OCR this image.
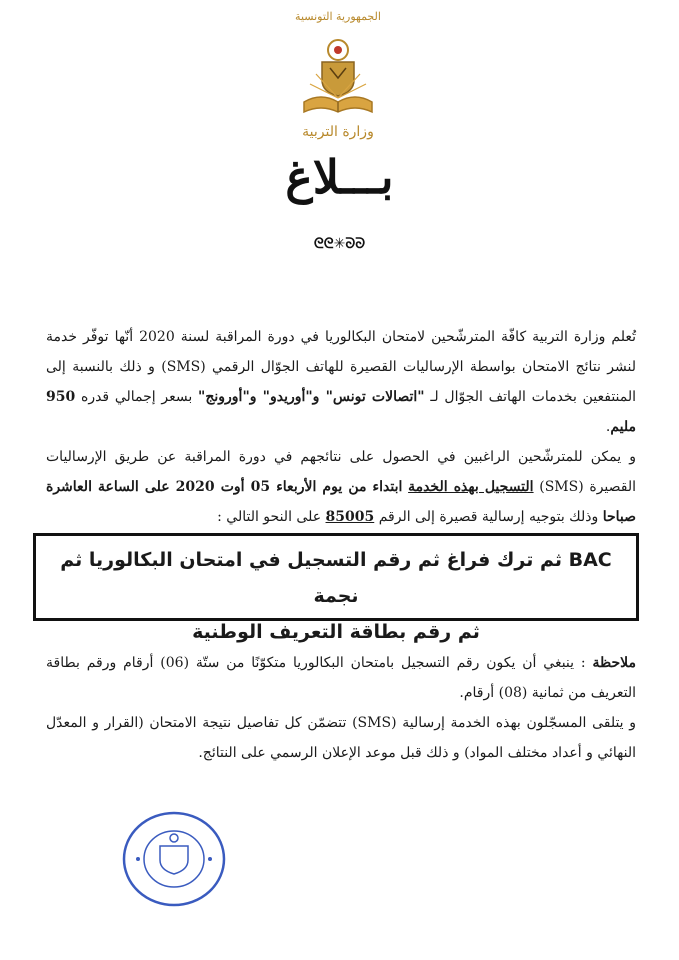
الجمهورية التونسية
وزارة التربية
بـــلاغ
ᘓᘓ✳ᘐᘐ

تُعلم وزارة التربية كافّة المترشّحين لامتحان البكالوريا في دورة المراقبة لسنة 2020 أنّها توفّر خدمة لنشر نتائج الامتحان بواسطة الإرساليات القصيرة للهاتف الجوّال الرقمي (SMS) و ذلك بالنسبة إلى المنتفعين بخدمات الهاتف الجوّال لـ "اتصالات تونس" و"أوريدو" و"أورونج" بسعر إجمالي قدره 950 مليم.

و يمكن للمترشّحين الراغبين في الحصول على نتائجهم في دورة المراقبة عن طريق الإرساليات القصيرة (SMS) التسجيل بهذه الخدمة ابتداء من يوم الأربعاء 05 أوت 2020 على الساعة العاشرة صباحا وذلك بتوجيه إرسالية قصيرة إلى الرقم 85005 على النحو التالي :

BAC ثم ترك فراغ ثم رقم التسجيل في امتحان البكالوريا ثم نجمة
ثم رقم بطاقة التعريف الوطنية
ملاحظة : ينبغي أن يكون رقم التسجيل بامتحان البكالوريا متكوّنًا من ستّة (06) أرقام ورقم بطاقة التعريف من ثمانية (08) أرقام.
و يتلقى المسجّلون بهذه الخدمة إرسالية (SMS) تتضمّن كل تفاصيل نتيجة الامتحان (القرار و المعدّل النهائي و أعداد مختلف المواد) و ذلك قبل موعد الإعلان الرسمي على النتائج.
